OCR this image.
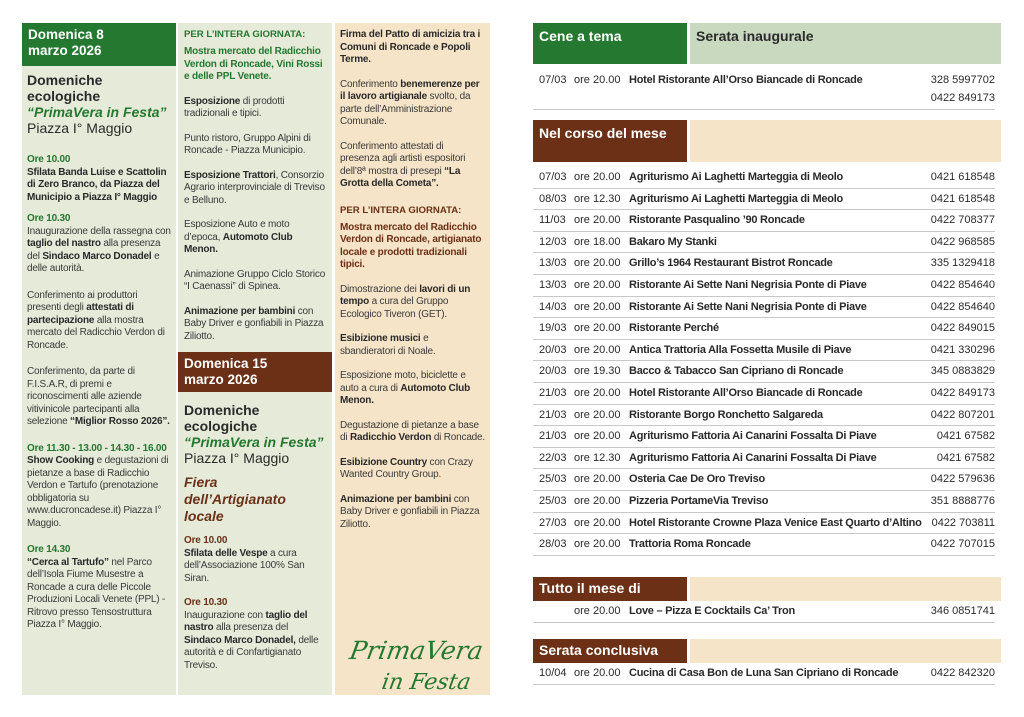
Domenica 8
marzo 2026
Domeniche ecologiche
“PrimaVera in Festa”
Piazza I° Maggio

Ore 10.00
Sfilata Banda Luise e Scattolin di Zero Branco, da Piazza del Municipio a Piazza I° Maggio

Ore 10.30
Inaugurazione della rassegna con taglio del nastro alla presenza del Sindaco Marco Donadel e delle autorità.

Conferimento ai produttori presenti degli attestati di partecipazione alla mostra mercato del Radicchio Verdon di Roncade.

Conferimento, da parte di F.I.S.A.R, di premi e riconoscimenti alle aziende vitivinicole partecipanti alla selezione “Miglior Rosso 2026”.

Ore 11.30 - 13.00 - 14.30 - 16.00
Show Cooking e degustazioni di pietanze a base di Radicchio Verdon e Tartufo (prenotazione obbligatoria su www.ducroncadese.it) Piazza I° Maggio.

Ore 14.30
“Cerca al Tartufo” nel Parco dell’Isola Fiume Musestre a Roncade a cura delle Piccole Produzioni Locali Venete (PPL) - Ritrovo presso Tensostruttura Piazza I° Maggio.

PER L’INTERA GIORNATA:

Mostra mercato del Radicchio Verdon di Roncade, Vini Rossi e delle PPL Venete.

Esposizione di prodotti tradizionali e tipici.

Punto ristoro, Gruppo Alpini di Roncade - Piazza Municipio.

Esposizione Trattori, Consorzio Agrario interprovinciale di Treviso e Belluno.

Esposizione Auto e moto d’epoca, Automoto Club Menon.

Animazione Gruppo Ciclo Storico “I Caenassi” di Spinea.

Animazione per bambini con Baby Driver e gonfiabili in Piazza Ziliotto.

Domenica 15
marzo 2026
Domeniche ecologiche
“PrimaVera in Festa”
Piazza I° Maggio
Fiera
dell’Artigianato locale

Ore 10.00
Sfilata delle Vespe a cura dell’Associazione 100% San Siran.

Ore 10.30
Inaugurazione con taglio del nastro alla presenza del Sindaco Marco Donadel, delle autorità e di Confartigianato Treviso.

Firma del Patto di amicizia tra i Comuni di Roncade e Popoli Terme.

Conferimento benemerenze per il lavoro artigianale svolto, da parte dell’Amministrazione Comunale.

Conferimento attestati di presenza agli artisti espositori dell’8ª mostra di presepi “La Grotta della Cometa”.

PER L’INTERA GIORNATA:

Mostra mercato del Radicchio Verdon di Roncade, artigianato locale e prodotti tradizionali tipici.

Dimostrazione dei lavori di un tempo a cura del Gruppo Ecologico Tiveron (GET).

Esibizione musici e sbandieratori di Noale.

Esposizione moto, biciclette e auto a cura di Automoto Club Menon.

Degustazione di pietanze a base di Radicchio Verdon di Roncade.

Esibizione Country con Crazy Wanted Country Group.

Animazione per bambini con Baby Driver e gonfiabili in Piazza Ziliotto.

PrimaVera
in Festa
Cene a tema	Serata inaugurale
07/03 ore 20.00 Hotel Ristorante All’Orso Biancade di Roncade	328 5997702
0422 849173
Nel corso del mese
07/03 ore 20.00 Agriturismo Ai Laghetti Marteggia di Meolo	0421 618548
08/03 ore 12.30 Agriturismo Ai Laghetti Marteggia di Meolo	0421 618548
11/03 ore 20.00 Ristorante Pasqualino ’90 Roncade	0422 708377
12/03 ore 18.00 Bakaro My Stanki	0422 968585
13/03 ore 20.00 Grillo’s 1964 Restaurant Bistrot Roncade	335 1329418
13/03 ore 20.00 Ristorante Ai Sette Nani Negrisia Ponte di Piave	0422 854640
14/03 ore 20.00 Ristorante Ai Sette Nani Negrisia Ponte di Piave	0422 854640
19/03 ore 20.00 Ristorante Perché	0422 849015
20/03 ore 20.00 Antica Trattoria Alla Fossetta Musile di Piave	0421 330296
20/03 ore 19.30 Bacco & Tabacco San Cipriano di Roncade	345 0883829
21/03 ore 20.00 Hotel Ristorante All’Orso Biancade di Roncade	0422 849173
21/03 ore 20.00 Ristorante Borgo Ronchetto Salgareda	0422 807201
21/03 ore 20.00 Agriturismo Fattoria Ai Canarini Fossalta Di Piave	0421 67582
22/03 ore 12.30 Agriturismo Fattoria Ai Canarini Fossalta Di Piave	0421 67582
25/03 ore 20.00 Osteria Cae De Oro Treviso	0422 579636
25/03 ore 20.00 Pizzeria PortameVia Treviso	351 8888776
27/03 ore 20.00 Hotel Ristorante Crowne Plaza Venice East Quarto d’Altino 0422 703811
28/03 ore 20.00 Trattoria Roma Roncade	0422 707015
Tutto il mese di marzo
ore 20.00 Love – Pizza E Cocktails Ca’ Tron	346 0851741
Serata conclusiva
10/04 ore 20.00 Cucina di Casa Bon de Luna San Cipriano di Roncade	0422 842320
